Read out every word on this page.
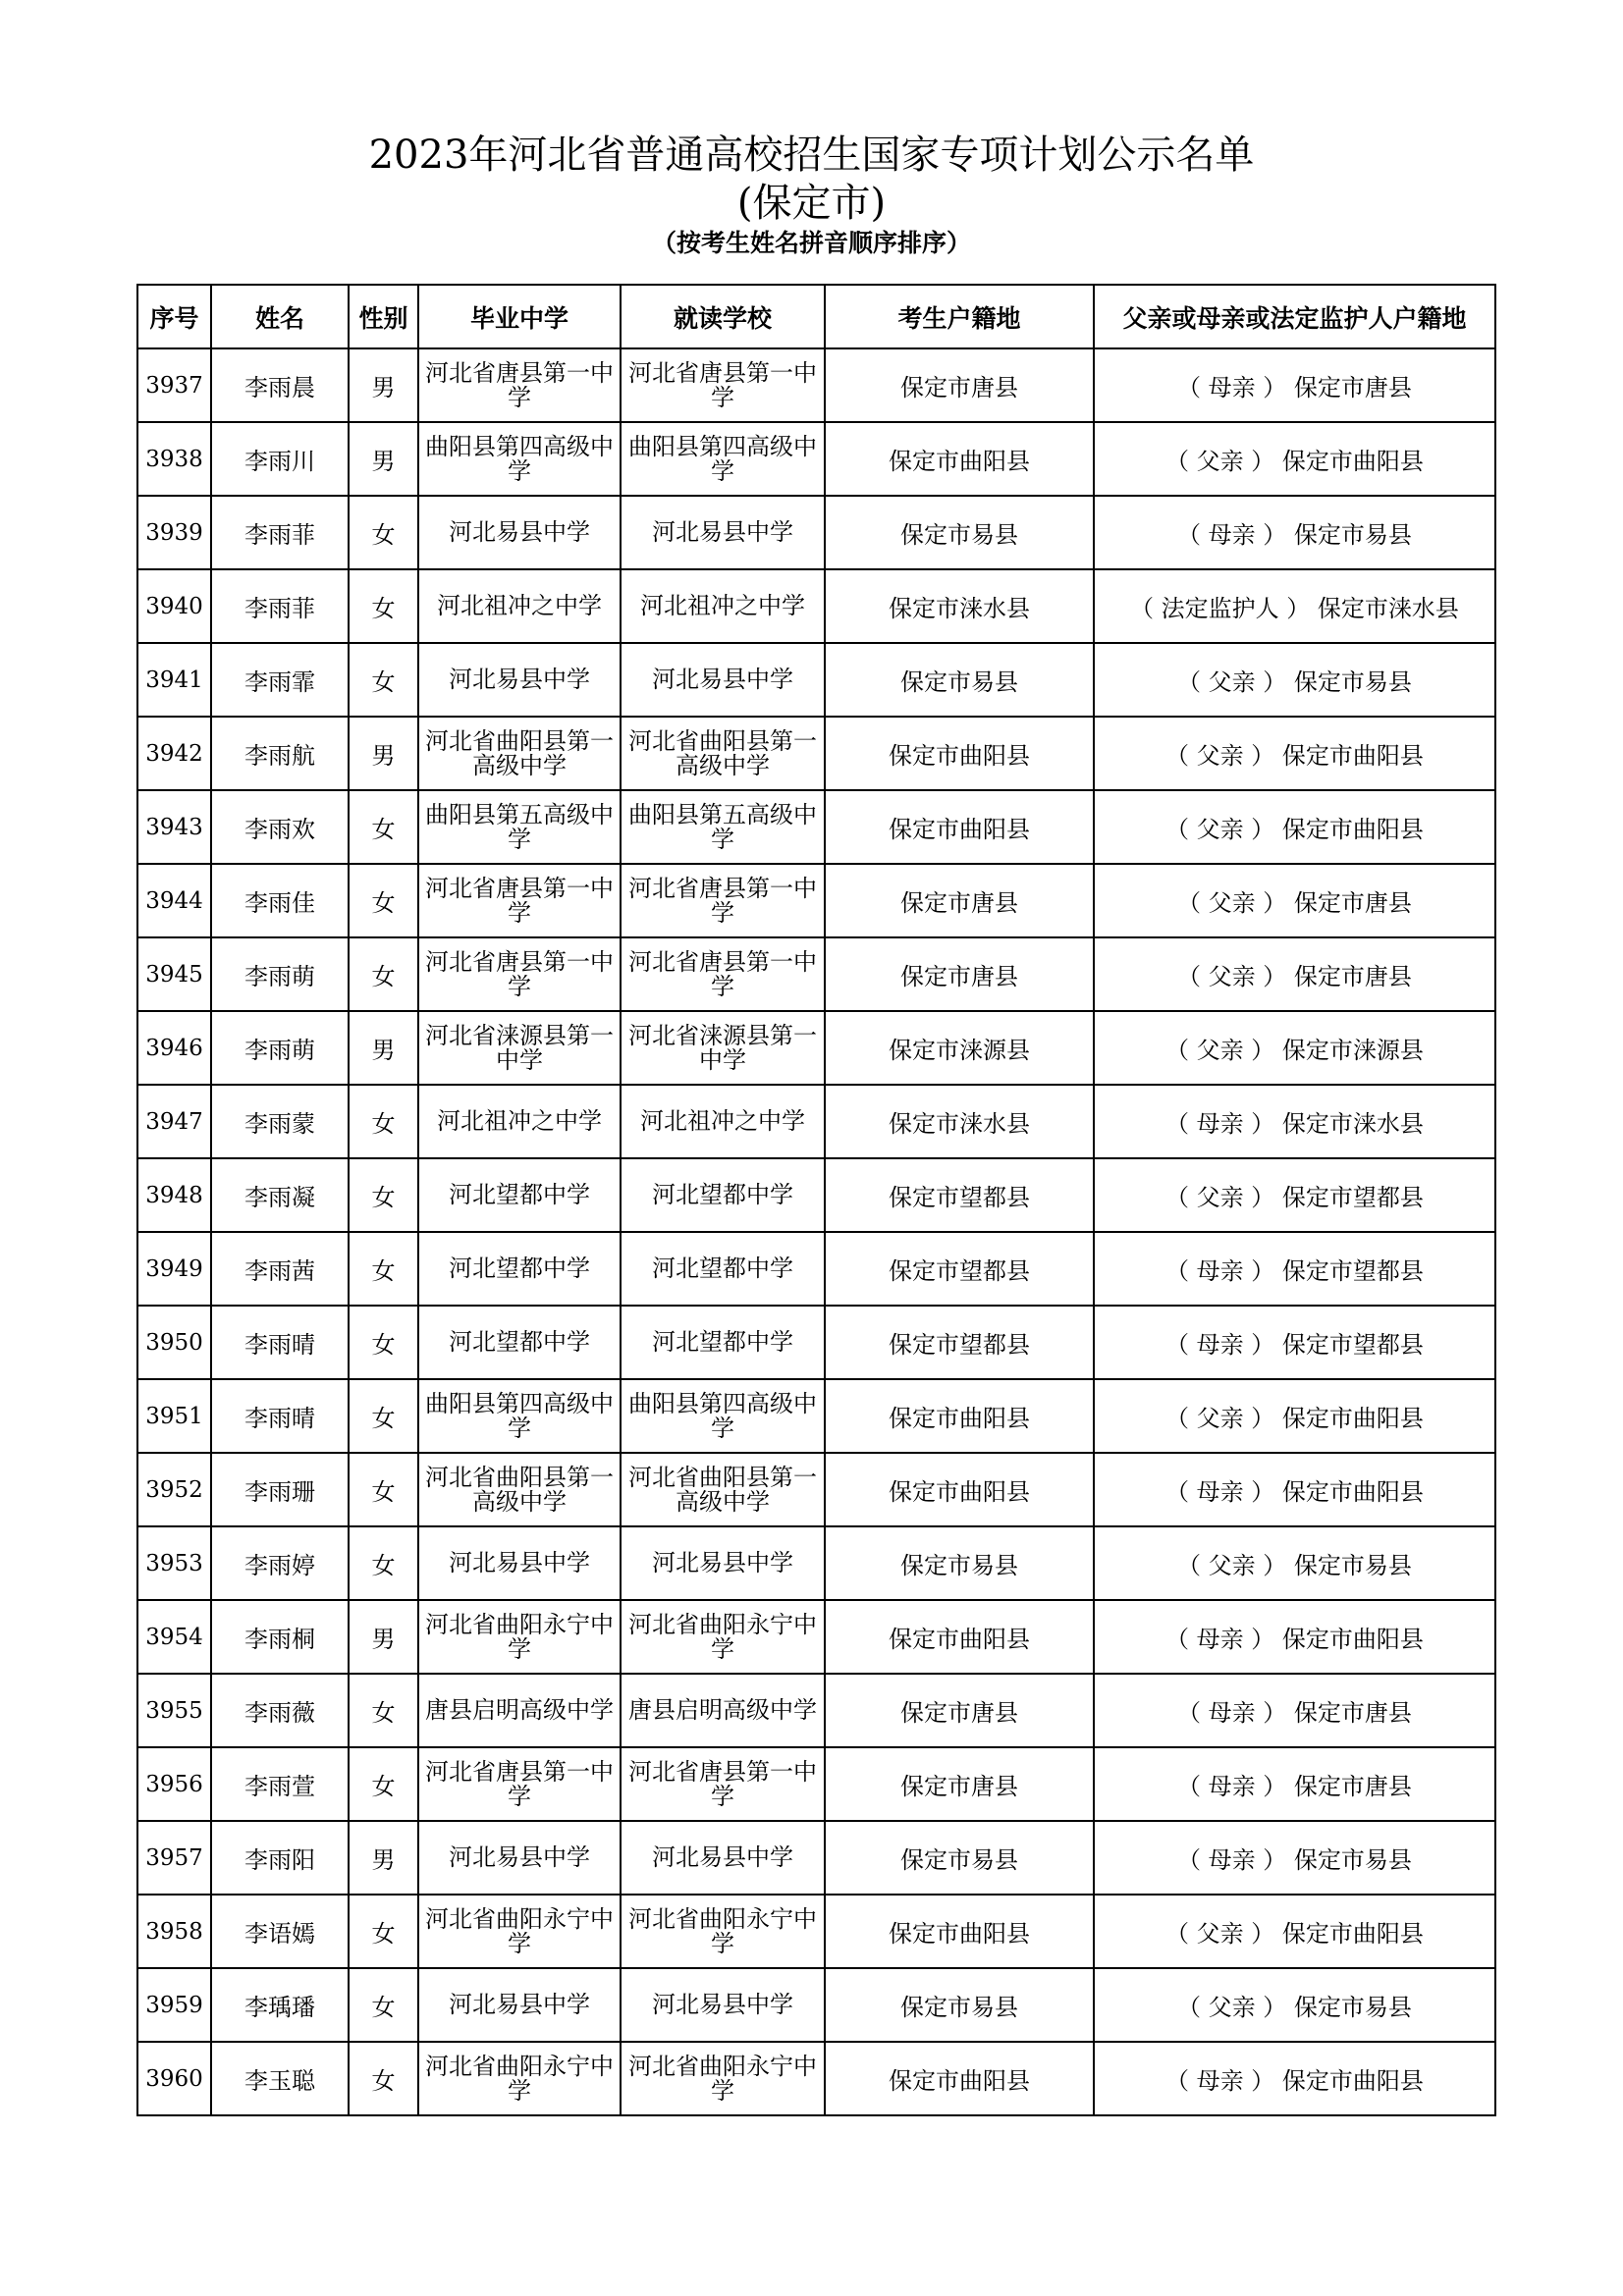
2023年河北省普通高校招生国家专项计划公示名单
(保定市)
（按考生姓名拼音顺序排序）
序号	姓名	性别	毕业中学	就读学校	考生户籍地	父亲或母亲或法定监护人户籍地
3937	李雨晨	男	河北省唐县第一中学	河北省唐县第一中学	保定市唐县	（ 母亲 ） 保定市唐县
3938	李雨川	男	曲阳县第四高级中学	曲阳县第四高级中学	保定市曲阳县	（ 父亲 ） 保定市曲阳县
3939	李雨菲	女	河北易县中学	河北易县中学	保定市易县	（ 母亲 ） 保定市易县
3940	李雨菲	女	河北祖冲之中学	河北祖冲之中学	保定市涞水县	（ 法定监护人 ） 保定市涞水县
3941	李雨霏	女	河北易县中学	河北易县中学	保定市易县	（ 父亲 ） 保定市易县
3942	李雨航	男	河北省曲阳县第一高级中学	河北省曲阳县第一高级中学	保定市曲阳县	（ 父亲 ） 保定市曲阳县
3943	李雨欢	女	曲阳县第五高级中学	曲阳县第五高级中学	保定市曲阳县	（ 父亲 ） 保定市曲阳县
3944	李雨佳	女	河北省唐县第一中学	河北省唐县第一中学	保定市唐县	（ 父亲 ） 保定市唐县
3945	李雨萌	女	河北省唐县第一中学	河北省唐县第一中学	保定市唐县	（ 父亲 ） 保定市唐县
3946	李雨萌	男	河北省涞源县第一中学	河北省涞源县第一中学	保定市涞源县	（ 父亲 ） 保定市涞源县
3947	李雨蒙	女	河北祖冲之中学	河北祖冲之中学	保定市涞水县	（ 母亲 ） 保定市涞水县
3948	李雨凝	女	河北望都中学	河北望都中学	保定市望都县	（ 父亲 ） 保定市望都县
3949	李雨茜	女	河北望都中学	河北望都中学	保定市望都县	（ 母亲 ） 保定市望都县
3950	李雨晴	女	河北望都中学	河北望都中学	保定市望都县	（ 母亲 ） 保定市望都县
3951	李雨晴	女	曲阳县第四高级中学	曲阳县第四高级中学	保定市曲阳县	（ 父亲 ） 保定市曲阳县
3952	李雨珊	女	河北省曲阳县第一高级中学	河北省曲阳县第一高级中学	保定市曲阳县	（ 母亲 ） 保定市曲阳县
3953	李雨婷	女	河北易县中学	河北易县中学	保定市易县	（ 父亲 ） 保定市易县
3954	李雨桐	男	河北省曲阳永宁中学	河北省曲阳永宁中学	保定市曲阳县	（ 母亲 ） 保定市曲阳县
3955	李雨薇	女	唐县启明高级中学	唐县启明高级中学	保定市唐县	（ 母亲 ） 保定市唐县
3956	李雨萱	女	河北省唐县第一中学	河北省唐县第一中学	保定市唐县	（ 母亲 ） 保定市唐县
3957	李雨阳	男	河北易县中学	河北易县中学	保定市易县	（ 母亲 ） 保定市易县
3958	李语嫣	女	河北省曲阳永宁中学	河北省曲阳永宁中学	保定市曲阳县	（ 父亲 ） 保定市曲阳县
3959	李瑀璠	女	河北易县中学	河北易县中学	保定市易县	（ 父亲 ） 保定市易县
3960	李玉聪	女	河北省曲阳永宁中学	河北省曲阳永宁中学	保定市曲阳县	（ 母亲 ） 保定市曲阳县
